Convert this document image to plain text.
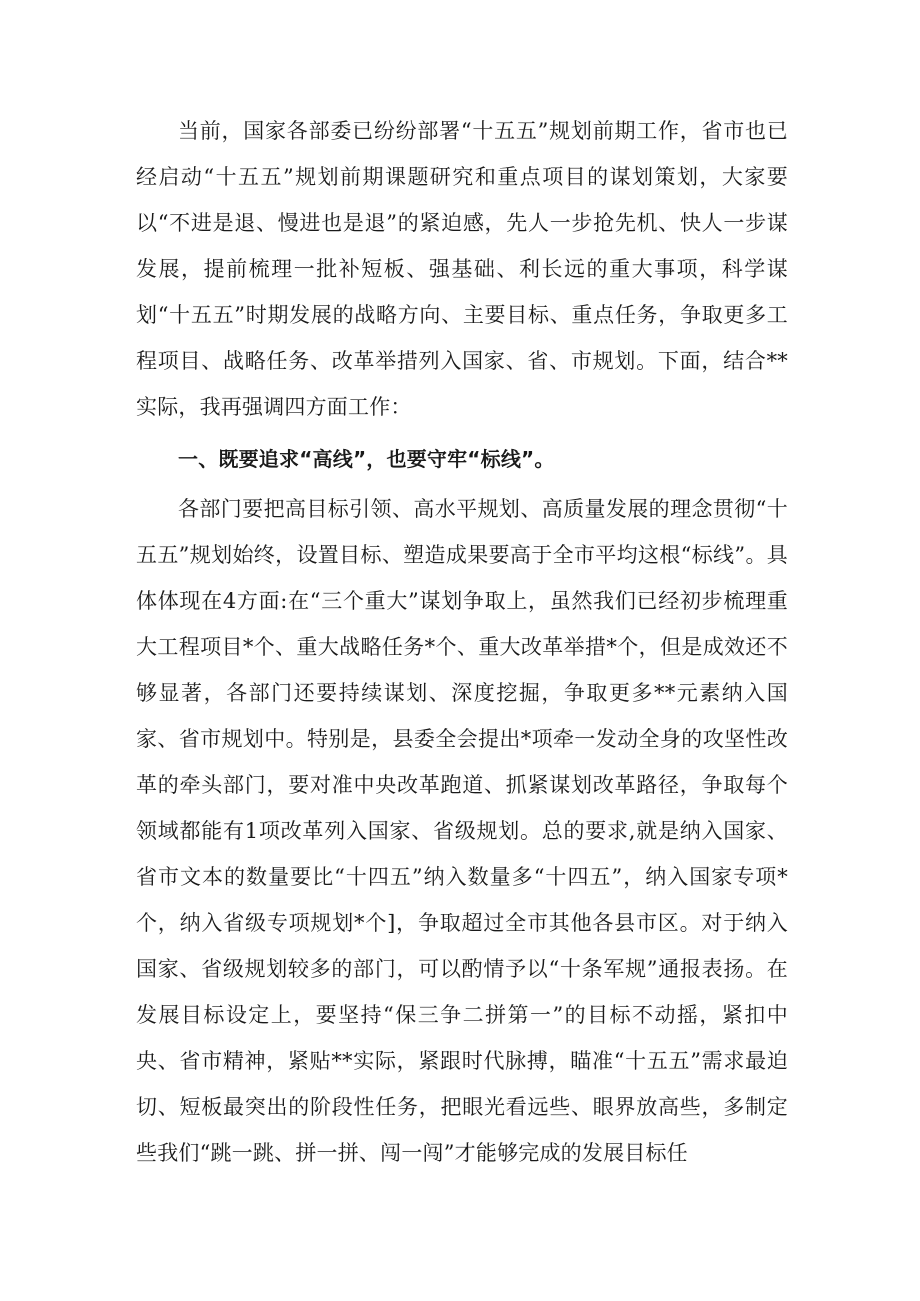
当前，国家各部委已纷纷部署“十五五”规划前期工作，省市也已经启动“十五五”规划前期课题研究和重点项目的谋划策划，大家要以“不进是退、慢进也是退”的紧迫感，先人一步抢先机、快人一步谋发展，提前梳理一批补短板、强基础、利长远的重大事项，科学谋划“十五五”时期发展的战略方向、主要目标、重点任务，争取更多工程项目、战略任务、改革举措列入国家、省、市规划。下面，结合**实际，我再强调四方面工作：

一、既要追求“高线”，也要守牢“标线”。

各部门要把高目标引领、高水平规划、高质量发展的理念贯彻“十五五”规划始终，设置目标、塑造成果要高于全市平均这根“标线”。具体体现在4方面:在“三个重大”谋划争取上，虽然我们已经初步梳理重大工程项目*个、重大战略任务*个、重大改革举措*个，但是成效还不够显著，各部门还要持续谋划、深度挖掘，争取更多**元素纳入国家、省市规划中。特别是，县委全会提出*项牵一发动全身的攻坚性改革的牵头部门，要对准中央改革跑道、抓紧谋划改革路径，争取每个领域都能有1项改革列入国家、省级规划。总的要求,就是纳入国家、省市文本的数量要比“十四五”纳入数量多“十四五”，纳入国家专项*个，纳入省级专项规划*个]，争取超过全市其他各县市区。对于纳入国家、省级规划较多的部门，可以酌情予以“十条军规”通报表扬。在发展目标设定上，要坚持“保三争二拼第一”的目标不动摇，紧扣中央、省市精神，紧贴**实际，紧跟时代脉搏，瞄准“十五五”需求最迫切、短板最突出的阶段性任务，把眼光看远些、眼界放高些，多制定些我们“跳一跳、拼一拼、闯一闯”才能够完成的发展目标任
